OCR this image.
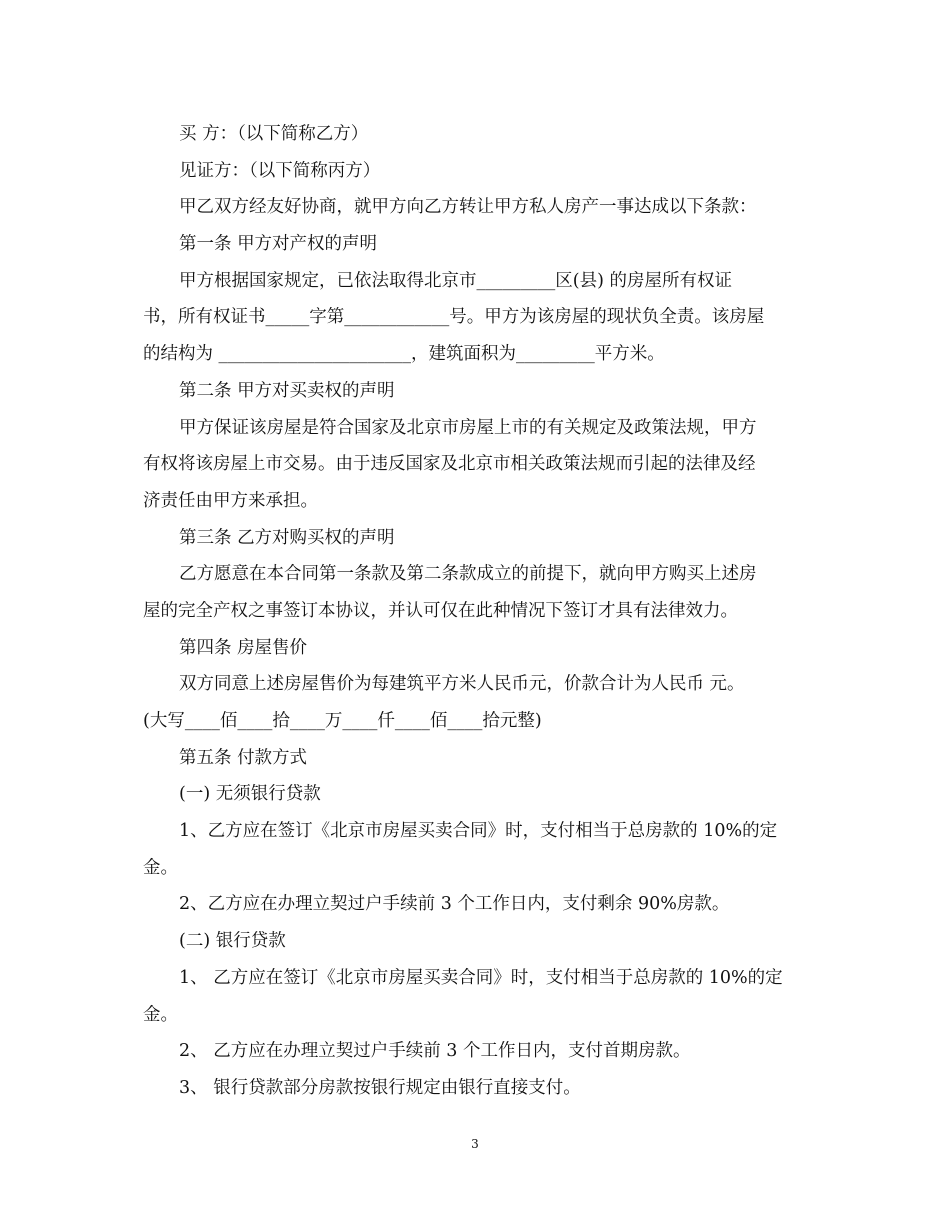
买 方：（以下简称乙方）
见证方：（以下简称丙方）
甲乙双方经友好协商，就甲方向乙方转让甲方私人房产一事达成以下条款：
第一条 甲方对产权的声明
甲方根据国家规定，已依法取得北京市_________区(县) 的房屋所有权证
书，所有权证书_____字第____________号。甲方为该房屋的现状负全责。该房屋
的结构为 ______________________，建筑面积为_________平方米。
第二条 甲方对买卖权的声明
甲方保证该房屋是符合国家及北京市房屋上市的有关规定及政策法规，甲方
有权将该房屋上市交易。由于违反国家及北京市相关政策法规而引起的法律及经
济责任由甲方来承担。
第三条 乙方对购买权的声明
乙方愿意在本合同第一条款及第二条款成立的前提下，就向甲方购买上述房
屋的完全产权之事签订本协议，并认可仅在此种情况下签订才具有法律效力。
第四条 房屋售价
双方同意上述房屋售价为每建筑平方米人民币元，价款合计为人民币 元。
(大写____佰____拾____万____仟____佰____拾元整)
第五条 付款方式
(一) 无须银行贷款
1、乙方应在签订《北京市房屋买卖合同》时，支付相当于总房款的 10%的定
金。
2、乙方应在办理立契过户手续前 3 个工作日内，支付剩余 90%房款。
(二) 银行贷款
1、 乙方应在签订《北京市房屋买卖合同》时，支付相当于总房款的 10%的定
金。
2、 乙方应在办理立契过户手续前 3 个工作日内，支付首期房款。
3、 银行贷款部分房款按银行规定由银行直接支付。
3
